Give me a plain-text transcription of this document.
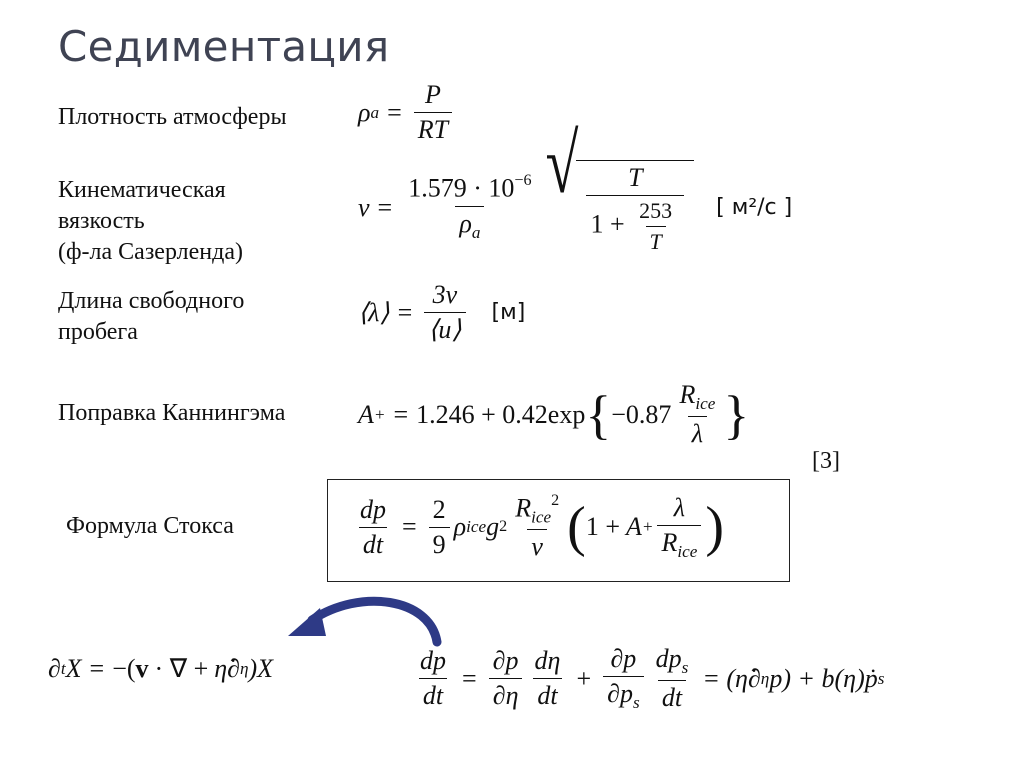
Седиментация

Плотность атмосферы	ρ $a = \frac{P}{RT}$

Кинематическая
вязкость
(ф-ла Сазерленда)

$\nu = \frac{1.579 \cdot 10^{-6}}{\rho_a}$ √ $\frac{T}{1 + \frac{253}{T}}$ [ м²/с ]

Длина свободного
пробега

⟨λ⟩ = $\frac{3\nu}{⟨u⟩} [м]$

Поправка Каннингэма	A + = 1.246 + 0.42exp { $-0.87 \frac{R_{ice}}{\lambda}$ }
[3]

Формула Стокса	$\frac{dp}{dt} = \frac{2}{9}$ ρ ice g $2 \frac{R_{ice}^2}{\nu}$ ( $1 + A + \frac{\lambda}{R_{ice}}$ )
∂ t X = −( v · ∇ + η̇∂ η )X	$\frac{dp}{dt} = \frac{\partial p}{\partial\eta} \frac{d\eta}{dt} + \frac{\partial p}{\partial p_s} \frac{dp_s}{dt}$ = (η̇∂ η p) + b(η)ṗ s
